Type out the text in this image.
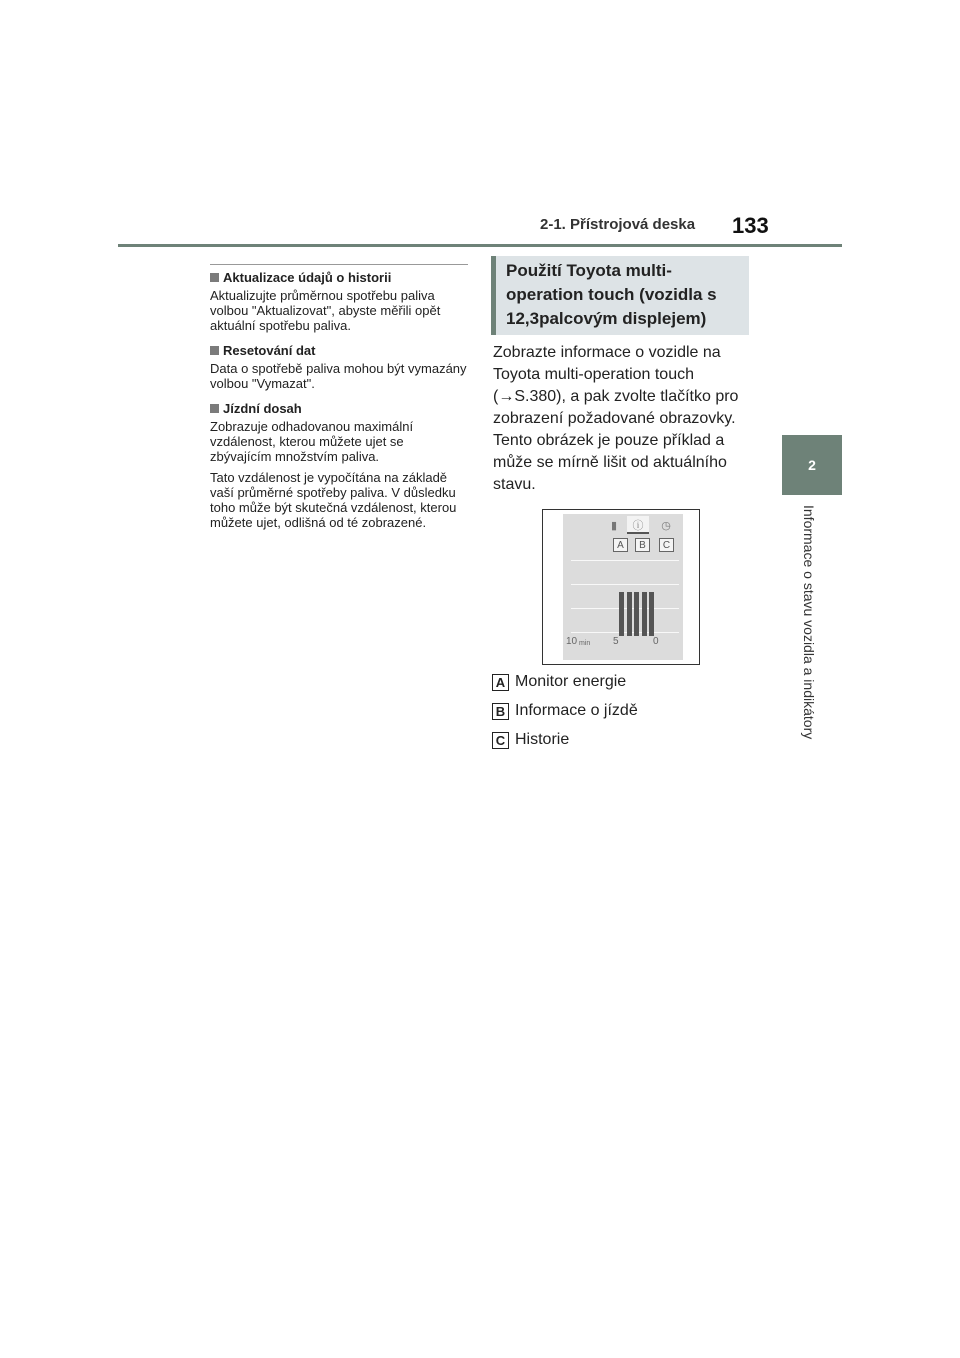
2-1. Přístrojová deska 133
2
Informace o stavu vozidla a indikátory
Aktualizace údajů o historii

Aktualizujte průměrnou spotřebu paliva volbou "Aktualizovat", abyste měřili opět aktuální spotřebu paliva.

Resetování dat

Data o spotřebě paliva mohou být vymazány volbou "Vymazat".

Jízdní dosah

Zobrazuje odhadovanou maximální vzdálenost, kterou můžete ujet se zbývajícím množstvím paliva.

Tato vzdálenost je vypočítána na základě vaší průměrné spotřeby paliva. V důsledku toho může být skutečná vzdálenost, kterou můžete ujet, odlišná od té zobrazené.

Použití Toyota multi-operation touch (vozidla s 12,3palcovým displejem)

Zobrazte informace o vozidle na Toyota multi-operation touch (→S.380), a pak zvolte tlačítko pro zobrazení požadované obrazovky. Tento obrázek je pouze příklad a může se mírně lišit od aktuálního stavu.

▮	ⓘ	◷
A	B	C
10 min 5	0
A Monitor energie
B Informace o jízdě
C Historie
